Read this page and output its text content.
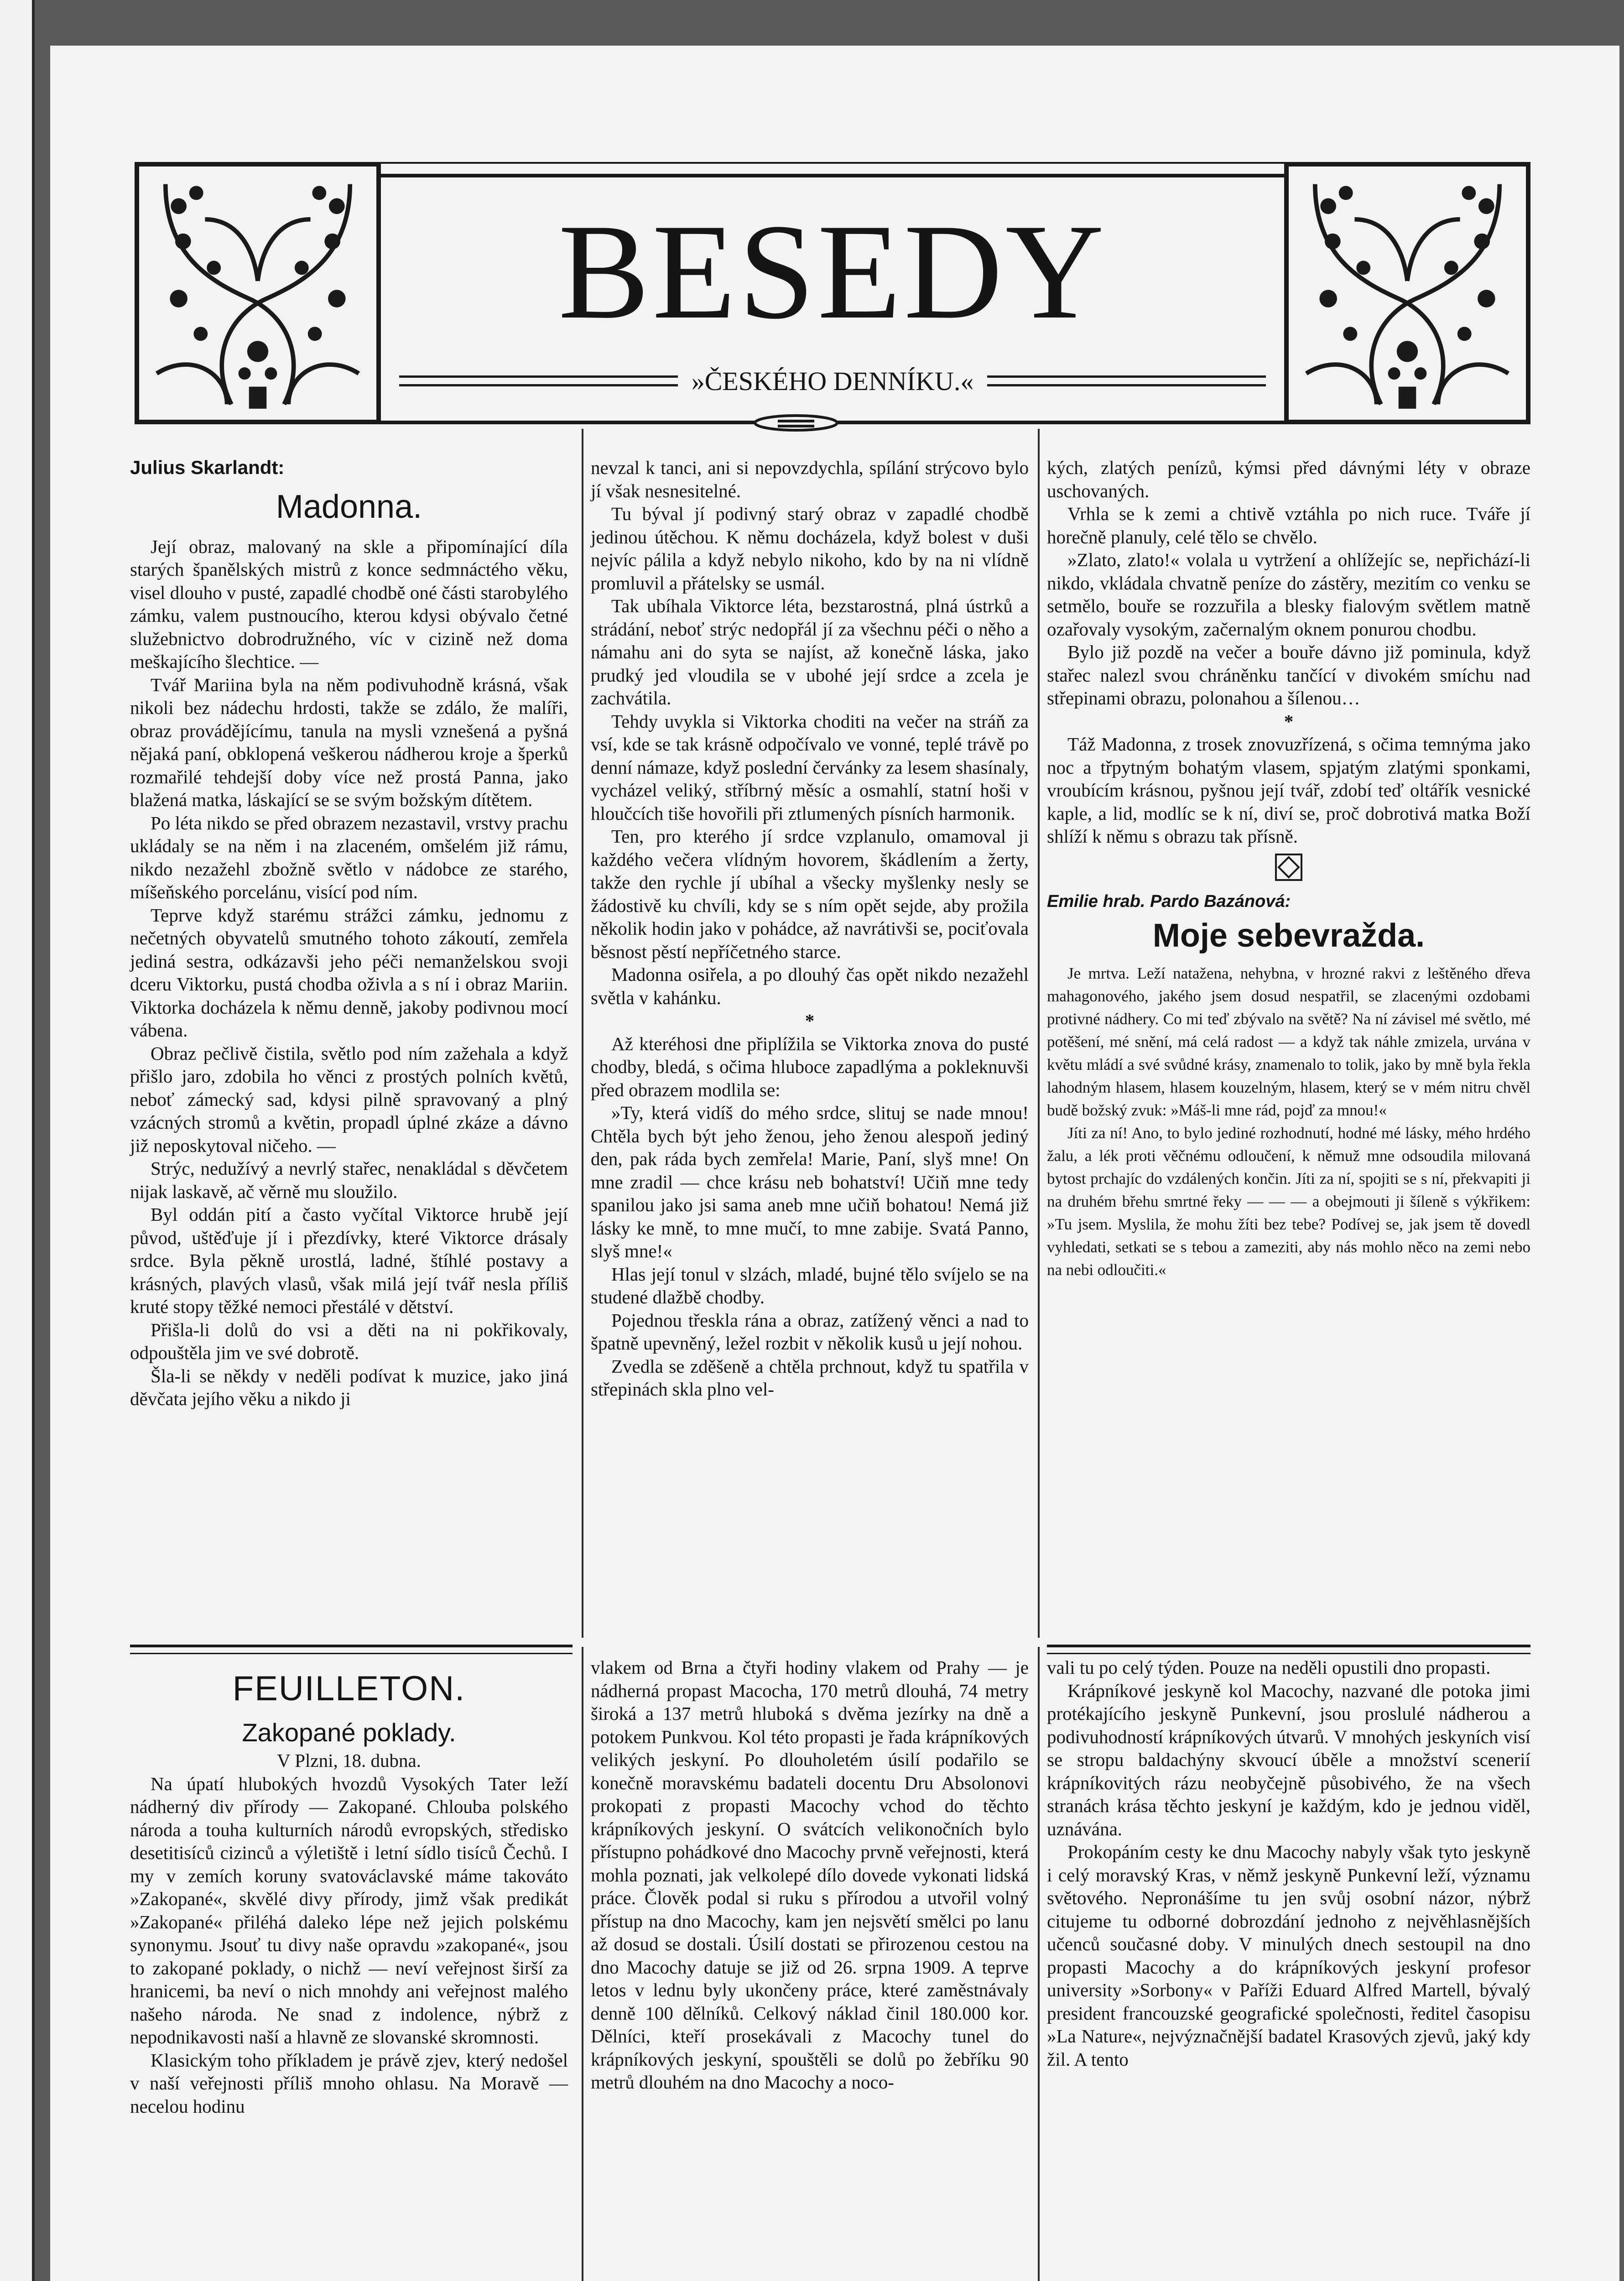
BESEDY
»ČESKÉHO DENNÍKU.«

Julius Skarlandt:

Madonna.

Její obraz, malovaný na skle a připomínající díla starých španělských mistrů z konce sedmnáctého věku, visel dlouho v pusté, zapadlé chodbě oné části starobylého zámku, valem pustnoucího, kterou kdysi obývalo četné služebnictvo dobrodružného, víc v cizině než doma meškajícího šlechtice. —

Tvář Mariina byla na něm podivuhodně krásná, však nikoli bez nádechu hrdosti, takže se zdálo, že malíři, obraz provádějícímu, tanula na mysli vznešená a pyšná nějaká paní, obklopená veškerou nádherou kroje a šperků rozmařilé tehdejší doby více než prostá Panna, jako blažená matka, láskající se se svým božským dítětem.

Po léta nikdo se před obrazem nezastavil, vrstvy prachu ukládaly se na něm i na zlaceném, omšelém již rámu, nikdo nezažehl zbožně světlo v nádobce ze starého, míšeňského porcelánu, visící pod ním.

Teprve když starému strážci zámku, jednomu z nečetných obyvatelů smutného tohoto zákoutí, zemřela jediná sestra, odkázavši jeho péči nemanželskou svoji dceru Viktorku, pustá chodba oživla a s ní i obraz Mariin. Viktorka docházela k němu denně, jakoby podivnou mocí vábena.

Obraz pečlivě čistila, světlo pod ním zažehala a když přišlo jaro, zdobila ho věnci z prostých polních květů, neboť zámecký sad, kdysi pilně spravovaný a plný vzácných stromů a květin, propadl úplné zkáze a dávno již neposkytoval ničeho. —

Strýc, nedužívý a nevrlý stařec, nenakládal s děvčetem nijak laskavě, ač věrně mu sloužilo.

Byl oddán pití a často vyčítal Viktorce hrubě její původ, uštěďuje jí i přezdívky, které Viktorce drásaly srdce. Byla pěkně urostlá, ladné, štíhlé postavy a krásných, plavých vlasů, však milá její tvář nesla příliš kruté stopy těžké nemoci přestálé v dětství.

Přišla-li dolů do vsi a děti na ni pokřikovaly, odpouštěla jim ve své dobrotě.

Šla-li se někdy v neděli podívat k muzice, jako jiná děvčata jejího věku a nikdo ji

nevzal k tanci, ani si nepovzdychla, spílání strýcovo bylo jí však nesnesitelné.

Tu býval jí podivný starý obraz v zapadlé chodbě jedinou útěchou. K němu docházela, když bolest v duši nejvíc pálila a když nebylo nikoho, kdo by na ni vlídně promluvil a přátelsky se usmál.

Tak ubíhala Viktorce léta, bezstarostná, plná ústrků a strádání, neboť strýc nedopřál jí za všechnu péči o něho a námahu ani do syta se najíst, až konečně láska, jako prudký jed vloudila se v ubohé její srdce a zcela je zachvátila.

Tehdy uvykla si Viktorka choditi na večer na stráň za vsí, kde se tak krásně odpočívalo ve vonné, teplé trávě po denní námaze, když poslední červánky za lesem shasínaly, vycházel veliký, stříbrný měsíc a osmahlí, statní hoši v hloučcích tiše hovořili při ztlumených písních harmonik.

Ten, pro kterého jí srdce vzplanulo, omamoval ji každého večera vlídným hovorem, škádlením a žerty, takže den rychle jí ubíhal a všecky myšlenky nesly se žádostivě ku chvíli, kdy se s ním opět sejde, aby prožila několik hodin jako v pohádce, až navrátivši se, pociťovala běsnost pěstí nepříčetného starce.

Madonna osiřela, a po dlouhý čas opět nikdo nezažehl světla v kahánku.

*

Až kteréhosi dne připlížila se Viktorka znova do pusté chodby, bledá, s očima hluboce zapadlýma a pokleknuvši před obrazem modlila se:

»Ty, která vidíš do mého srdce, slituj se nade mnou! Chtěla bych být jeho ženou, jeho ženou alespoň jediný den, pak ráda bych zemřela! Marie, Paní, slyš mne! On mne zradil — chce krásu neb bohatství! Učiň mne tedy spanilou jako jsi sama aneb mne učiň bohatou! Nemá již lásky ke mně, to mne mučí, to mne zabije. Svatá Panno, slyš mne!«

Hlas její tonul v slzách, mladé, bujné tělo svíjelo se na studené dlažbě chodby.

Pojednou třeskla rána a obraz, zatížený věnci a nad to špatně upevněný, ležel rozbit v několik kusů u její nohou.

Zvedla se zděšeně a chtěla prchnout, když tu spatřila v střepinách skla plno vel-

kých, zlatých penízů, kýmsi před dávnými léty v obraze uschovaných.

Vrhla se k zemi a chtivě vztáhla po nich ruce. Tváře jí horečně planuly, celé tělo se chvělo.

»Zlato, zlato!« volala u vytržení a ohlížejíc se, nepřichází-li nikdo, vkládala chvatně peníze do zástěry, mezitím co venku se setmělo, bouře se rozzuřila a blesky fialovým světlem matně ozařovaly vysokým, začernalým oknem ponurou chodbu.

Bylo již pozdě na večer a bouře dávno již pominula, když stařec nalezl svou chráněnku tančící v divokém smíchu nad střepinami obrazu, polonahou a šílenou…

*

Táž Madonna, z trosek znovuzřízená, s očima temnýma jako noc a třpytným bohatým vlasem, spjatým zlatými sponkami, vroubícím krásnou, pyšnou její tvář, zdobí teď oltářík vesnické kaple, a lid, modlíc se k ní, diví se, proč dobrotivá matka Boží shlíží k němu s obrazu tak přísně.

Emilie hrab. Pardo Bazánová:

Moje sebevražda.

Je mrtva. Leží natažena, nehybna, v hrozné rakvi z leštěného dřeva mahagonového, jakého jsem dosud nespatřil, se zlacenými ozdobami protivné nádhery. Co mi teď zbývalo na světě? Na ní závisel mé světlo, mé potěšení, mé snění, má celá radost — a když tak náhle zmizela, urvána v květu mládí a své svůdné krásy, znamenalo to tolik, jako by mně byla řekla lahodným hlasem, hlasem kouzelným, hlasem, který se v mém nitru chvěl budě božský zvuk: »Máš-li mne rád, pojď za mnou!«

Jíti za ní! Ano, to bylo jediné rozhodnutí, hodné mé lásky, mého hrdého žalu, a lék proti věčnému odloučení, k němuž mne odsoudila milovaná bytost prchajíc do vzdálených končin. Jíti za ní, spojiti se s ní, překvapiti ji na druhém břehu smrtné řeky — — — a obejmouti ji šíleně s výkřikem: »Tu jsem. Myslila, že mohu žíti bez tebe? Podívej se, jak jsem tě dovedl vyhledati, setkati se s tebou a zameziti, aby nás mohlo něco na zemi nebo na nebi odloučiti.«

FEUILLETON.
Zakopané poklady.

V Plzni, 18. dubna.

Na úpatí hlubokých hvozdů Vysokých Tater leží nádherný div přírody — Zakopané. Chlouba polského národa a touha kulturních národů evropských, středisko desetitisíců cizinců a výletiště i letní sídlo tisíců Čechů. I my v zemích koruny svatováclavské máme takováto »Zakopané«, skvělé divy přírody, jimž však predikát »Zakopané« přiléhá daleko lépe než jejich polskému synonymu. Jsouť tu divy naše opravdu »zakopané«, jsou to zakopané poklady, o nichž — neví veřejnost širší za hranicemi, ba neví o nich mnohdy ani veřejnost malého našeho národa. Ne snad z indolence, nýbrž z nepodnikavosti naší a hlavně ze slovanské skromnosti.

Klasickým toho příkladem je právě zjev, který nedošel v naší veřejnosti příliš mnoho ohlasu. Na Moravě — necelou hodinu

vlakem od Brna a čtyři hodiny vlakem od Prahy — je nádherná propast Macocha, 170 metrů dlouhá, 74 metry široká a 137 metrů hluboká s dvěma jezírky na dně a potokem Punkvou. Kol této propasti je řada krápníkových velikých jeskyní. Po dlouholetém úsilí podařilo se konečně moravskému badateli docentu Dru Absolonovi prokopati z propasti Macochy vchod do těchto krápníkových jeskyní. O svátcích velikonočních bylo přístupno pohádkové dno Macochy prvně veřejnosti, která mohla poznati, jak velkolepé dílo dovede vykonati lidská práce. Člověk podal si ruku s přírodou a utvořil volný přístup na dno Macochy, kam jen nejsvětí smělci po lanu až dosud se dostali. Úsilí dostati se přirozenou cestou na dno Macochy datuje se již od 26. srpna 1909. A teprve letos v lednu byly ukončeny práce, které zaměstnávaly denně 100 dělníků. Celkový náklad činil 180.000 kor. Dělníci, kteří prosekávali z Macochy tunel do krápníkových jeskyní, spouštěli se dolů po žebříku 90 metrů dlouhém na dno Macochy a noco-

vali tu po celý týden. Pouze na neděli opustili dno propasti.

Krápníkové jeskyně kol Macochy, nazvané dle potoka jimi protékajícího jeskyně Punkevní, jsou proslulé nádherou a podivuhodností krápníkových útvarů. V mnohých jeskyních visí se stropu baldachýny skvoucí úběle a množství scenerií krápníkovitých rázu neobyčejně působivého, že na všech stranách krása těchto jeskyní je každým, kdo je jednou viděl, uznávána.

Prokopáním cesty ke dnu Macochy nabyly však tyto jeskyně i celý moravský Kras, v němž jeskyně Punkevní leží, významu světového. Nepronášíme tu jen svůj osobní názor, nýbrž citujeme tu odborné dobrozdání jednoho z nejvěhlasnějších učenců současné doby. V minulých dnech sestoupil na dno propasti Macochy a do krápníkových jeskyní profesor university »Sorbony« v Paříži Eduard Alfred Martell, bývalý president francouzské geografické společnosti, ředitel časopisu »La Nature«, nejvýznačnější badatel Krasových zjevů, jaký kdy žil. A tento
